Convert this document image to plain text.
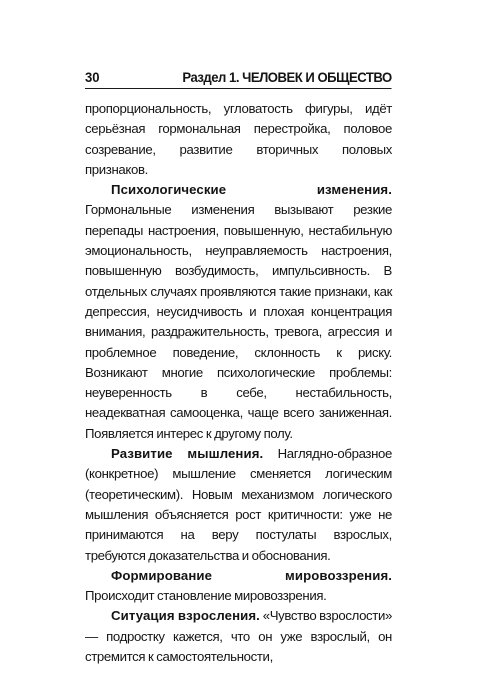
30	Раздел 1. ЧЕЛОВЕК И ОБЩЕСТВО

пропорциональность, угловатость фигуры, идёт серьёзная гормональная перестройка, половое созревание, развитие вторичных половых признаков.

Психологические изменения. Гормональные изменения вызывают резкие перепады настроения, повышенную, нестабильную эмоциональность, неуправляемость настроения, повышенную возбудимость, импульсивность. В отдельных случаях проявляются такие признаки, как депрессия, неусидчивость и плохая концентрация внимания, раздражительность, тревога, агрессия и проблемное поведение, склонность к риску. Возникают многие психологические проблемы: неуверенность в себе, нестабильность, неадекватная самооценка, чаще всего заниженная. Появляется интерес к другому полу.

Развитие мышления. Наглядно-образное (конкретное) мышление сменяется логическим (теоретическим). Новым механизмом логического мышления объясняется рост критичности: уже не принимаются на веру постулаты взрослых, требуются доказательства и обоснования.

Формирование мировоззрения. Происходит становление мировоззрения.

Ситуация взросления. «Чувство взрослости» — подростку кажется, что он уже взрослый, он стремится к самостоятельности,
